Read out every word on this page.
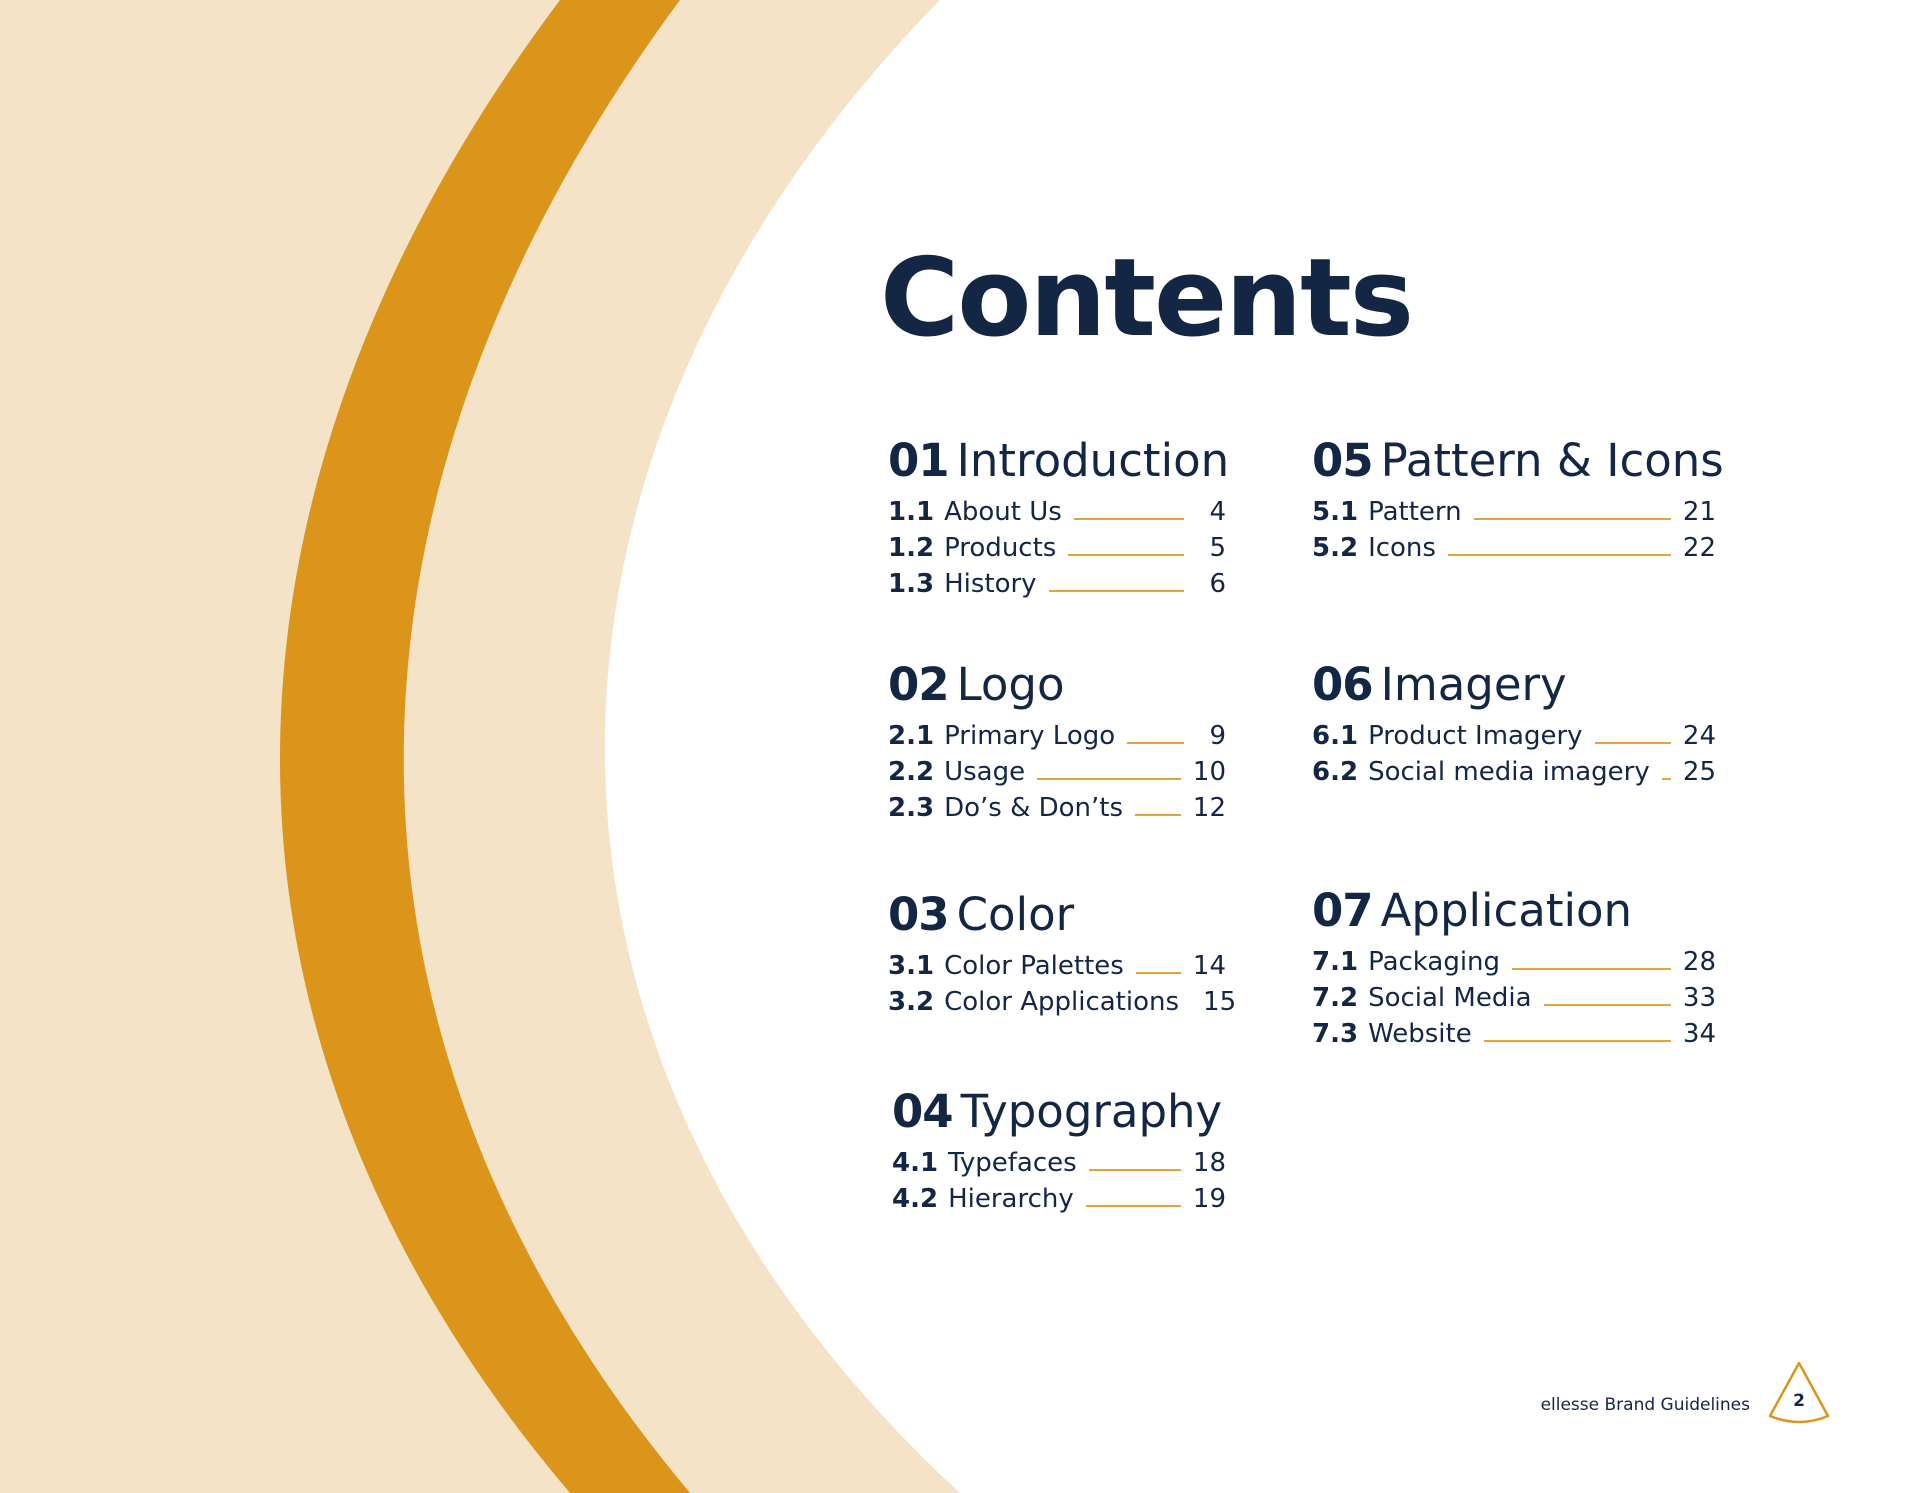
Contents
01 Introduction
1.1 About Us	4
1.2 Products	5
1.3 History	6
02 Logo
2.1 Primary Logo	9
2.2 Usage	10
2.3 Do’s & Don’ts	12
03 Color
3.1 Color Palettes	14
3.2 Color Applications 15
04 Typography
4.1 Typefaces	18
4.2 Hierarchy	19
05 Pattern & Icons
5.1 Pattern	21
5.2 Icons	22
06 Imagery
6.1 Product Imagery	24
6.2 Social media imagery 25
07 Application
7.1 Packaging	28
7.2 Social Media	33
7.3 Website	34
ellesse Brand Guidelines	2
